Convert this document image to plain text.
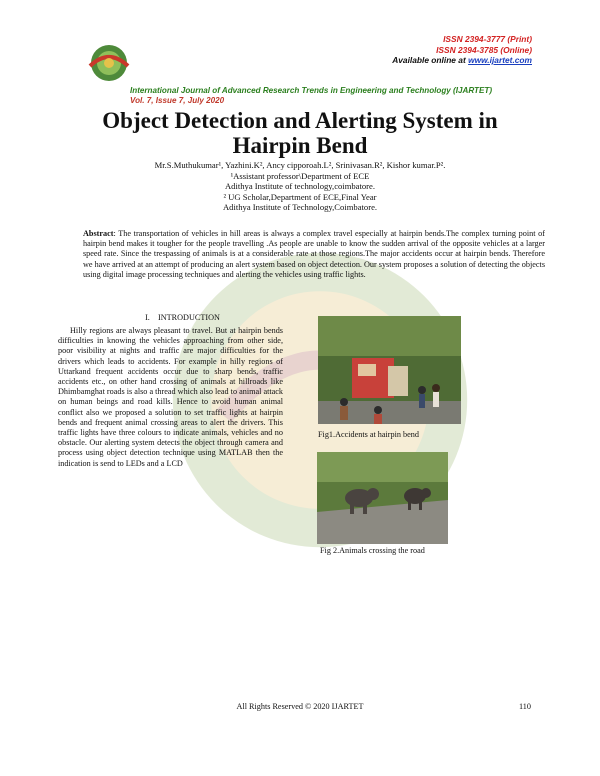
ISSN 2394-3777 (Print)
ISSN 2394-3785 (Online)
Available online at www.ijartet.com
International Journal of Advanced Research Trends in Engineering and Technology (IJARTET)
Vol. 7, Issue 7, July 2020
Object Detection and Alerting System in
Hairpin Bend
Mr.S.Muthukumar¹, Yazhini.K², Ancy cipporoah.L², Srinivasan.R², Kishor kumar.P².
¹Assistant professor\Department of ECE
Adithya Institute of technology,coimbatore.
² UG Scholar,Department of ECE,Final Year
Adithya Institute of Technology,Coimbatore.
Abstract: The transportation of vehicles in hill areas is always a complex travel especially at hairpin bends.The complex turning point of hairpin bend makes it tougher for the people travelling .As people are unable to know the sudden arrival of the opposite vehicles at a larger speed rate. Since the trespassing of animals is at a considerable rate at those regions.The major accidents occur at hairpin bends. Therefore we have arrived at an attempt of producing an alert system based on object detection. Our system proposes a solution of detecting the objects using digital image processing techniques and alerting the vehicles using traffic lights.
I. INTRODUCTION
Hilly regions are always pleasant to travel. But at hairpin bends difficulties in knowing the vehicles approaching from other side, poor visibility at nights and traffic are major difficulties for the drivers which leads to accidents. For example in hilly regions of Uttarkand frequent accidents occur due to sharp bends, traffic accidents etc., on other hand crossing of animals at hillroads like Dhimbamghat roads is also a thread which also lead to animal attack on human beings and road kills. Hence to avoid human animal conflict also we proposed a solution to set traffic lights at hairpin bends and frequent animal crossing areas to alert the drivers. This traffic lights have three colours to indicate animals, vehicles and no obstacle. Our alerting system detects the object through camera and process using object detection technique using MATLAB then the indication is send to LEDs and a LCD
Fig1.Accidents at hairpin bend
Fig 2.Animals crossing the road
All Rights Reserved © 2020 IJARTET	110
